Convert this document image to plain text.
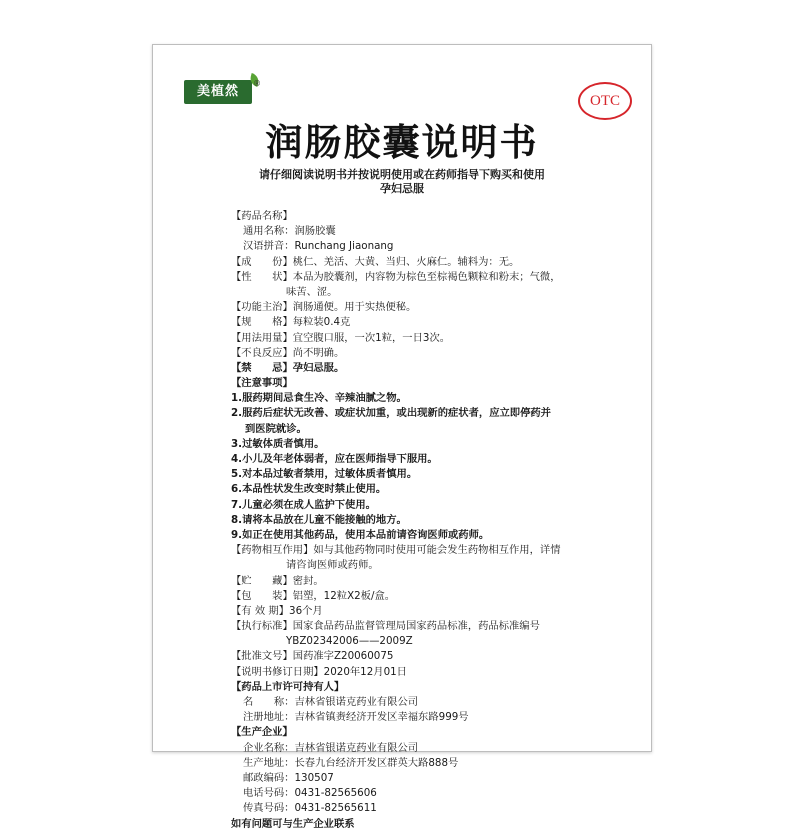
美植然
®
OTC
润肠胶囊说明书
请仔细阅读说明书并按说明使用或在药师指导下购买和使用
孕妇忌服
【药品名称】
通用名称：润肠胶囊
汉语拼音：Runchang Jiaonang
【成　　份】桃仁、羌活、大黄、当归、火麻仁。辅料为：无。
【性　　状】本品为胶囊剂，内容物为棕色至棕褐色颗粒和粉末；气微，
味苦、涩。
【功能主治】润肠通便。用于实热便秘。
【规　　格】每粒装0.4克
【用法用量】宜空腹口服，一次1粒，一日3次。
【不良反应】尚不明确。
【禁　　忌】孕妇忌服。
【注意事项】
1.服药期间忌食生冷、辛辣油腻之物。
2.服药后症状无改善、或症状加重，或出现新的症状者，应立即停药并
到医院就诊。
3.过敏体质者慎用。
4.小儿及年老体弱者，应在医师指导下服用。
5.对本品过敏者禁用，过敏体质者慎用。
6.本品性状发生改变时禁止使用。
7.儿童必须在成人监护下使用。
8.请将本品放在儿童不能接触的地方。
9.如正在使用其他药品，使用本品前请咨询医师或药师。
【药物相互作用】如与其他药物同时使用可能会发生药物相互作用，详情
请咨询医师或药师。
【贮　　藏】密封。
【包　　装】铝塑，12粒X2板/盒。
【有 效 期】36个月
【执行标准】国家食品药品监督管理局国家药品标准，药品标准编号
YBZ02342006——2009Z
【批准文号】国药准字Z20060075
【说明书修订日期】2020年12月01日
【药品上市许可持有人】
名　　称：吉林省银诺克药业有限公司
注册地址：吉林省镇赉经济开发区幸福东路999号
【生产企业】
企业名称：吉林省银诺克药业有限公司
生产地址：长春九台经济开发区群英大路888号
邮政编码：130507
电话号码：0431-82565606
传真号码：0431-82565611
如有问题可与生产企业联系
